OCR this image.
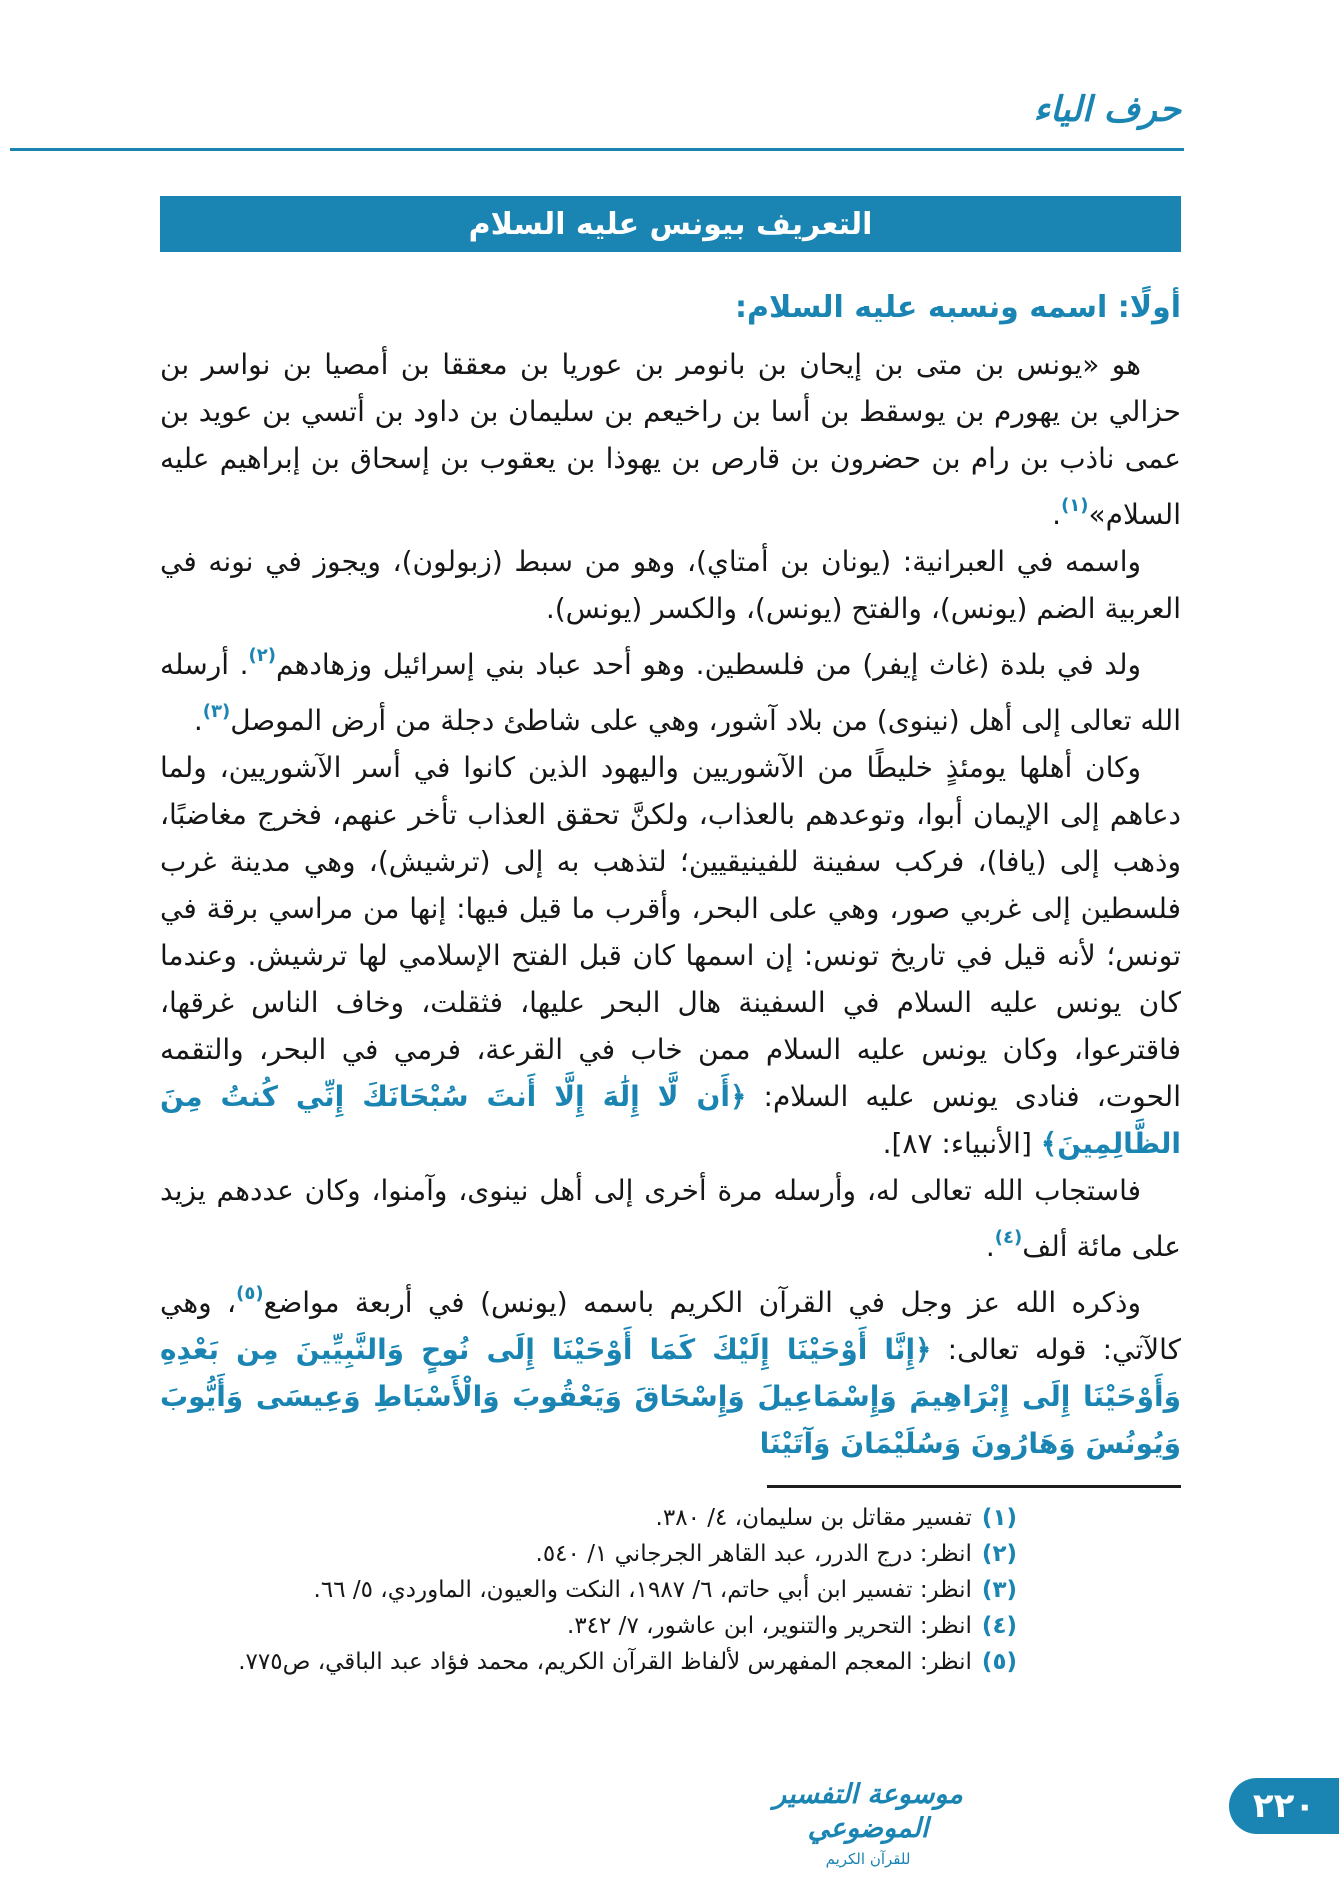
حرف الياء
التعريف بيونس عليه السلام
أولًا: اسمه ونسبه عليه السلام:

هو «يونس بن متى بن إيحان بن بانومر بن عوريا بن معققا بن أمصيا بن نواسر بن حزالي بن يهورم بن يوسقط بن أسا بن راخيعم بن سليمان بن داود بن أتسي بن عويد بن عمى ناذب بن رام بن حضرون بن قارص بن يهوذا بن يعقوب بن إسحاق بن إبراهيم عليه السلام»$^{(١)}$.

واسمه في العبرانية: (يونان بن أمتاي)، وهو من سبط (زبولون)، ويجوز في نونه في العربية الضم (يونس)، والفتح (يونس)، والكسر (يونس).

ولد في بلدة (غاث إيفر) من فلسطين. وهو أحد عباد بني إسرائيل وزهادهم$^{(٢)}$. أرسله الله تعالى إلى أهل (نينوى) من بلاد آشور، وهي على شاطئ دجلة من أرض الموصل$^{(٣)}$.

وكان أهلها يومئذٍ خليطًا من الآشوريين واليهود الذين كانوا في أسر الآشوريين، ولما دعاهم إلى الإيمان أبوا، وتوعدهم بالعذاب، ولكنَّ تحقق العذاب تأخر عنهم، فخرج مغاضبًا، وذهب إلى (يافا)، فركب سفينة للفينيقيين؛ لتذهب به إلى (ترشيش)، وهي مدينة غرب فلسطين إلى غربي صور، وهي على البحر، وأقرب ما قيل فيها: إنها من مراسي برقة في تونس؛ لأنه قيل في تاريخ تونس: إن اسمها كان قبل الفتح الإسلامي لها ترشيش. وعندما كان يونس عليه السلام في السفينة هال البحر عليها، فثقلت، وخاف الناس غرقها، فاقترعوا، وكان يونس عليه السلام ممن خاب في القرعة، فرمي في البحر، والتقمه الحوت، فنادى يونس عليه السلام: ﴿أَن لَّا إِلَٰهَ إِلَّا أَنتَ سُبْحَانَكَ إِنِّي كُنتُ مِنَ الظَّالِمِينَ﴾ [الأنبياء: ٨٧].

فاستجاب الله تعالى له، وأرسله مرة أخرى إلى أهل نينوى، وآمنوا، وكان عددهم يزيد على مائة ألف$^{(٤)}$.

وذكره الله عز وجل في القرآن الكريم باسمه (يونس) في أربعة مواضع$^{(٥)}$، وهي كالآتي: قوله تعالى: ﴿إِنَّا أَوْحَيْنَا إِلَيْكَ كَمَا أَوْحَيْنَا إِلَى نُوحٍ وَالنَّبِيِّينَ مِن بَعْدِهِ وَأَوْحَيْنَا إِلَى إِبْرَاهِيمَ وَإِسْمَاعِيلَ وَإِسْحَاقَ وَيَعْقُوبَ وَالْأَسْبَاطِ وَعِيسَى وَأَيُّوبَ وَيُونُسَ وَهَارُونَ وَسُلَيْمَانَ وَآتَيْنَا

(١)تفسير مقاتل بن سليمان، ٤/ ٣٨٠.
(٢)انظر: درج الدرر، عبد القاهر الجرجاني ١/ ٥٤٠.
(٣)انظر: تفسير ابن أبي حاتم، ٦/ ١٩٨٧، النكت والعيون، الماوردي، ٥/ ٦٦.
(٤)انظر: التحرير والتنوير، ابن عاشور، ٧/ ٣٤٢.
(٥)انظر: المعجم المفهرس لألفاظ القرآن الكريم، محمد فؤاد عبد الباقي، ص٧٧٥.
موسوعة التفسير الموضوعي
للقرآن الكريم
٢٢٠
